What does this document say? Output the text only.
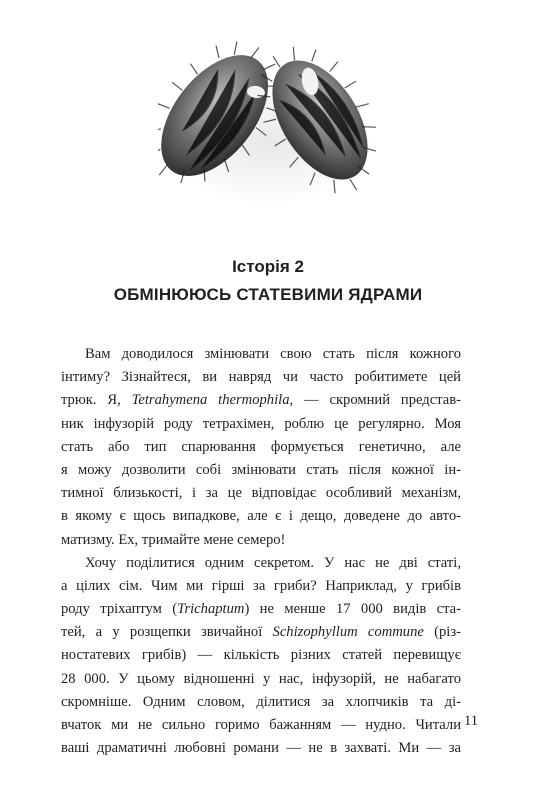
Історія 2
ОБМІНЮЮСЬ СТАТЕВИМИ ЯДРАМИ
Вам доводилося змінювати свою стать після кожного
інтиму? Зізнайтеся, ви навряд чи часто робитимете цей
трюк. Я, Tetrahymena thermophila, — скромний представ-
ник інфузорій роду тетрахімен, роблю це регулярно. Моя
стать або тип спарювання формується генетично, але
я можу дозволити собі змінювати стать після кожної ін-
тимної близькості, і за це відповідає особливий механізм,
в якому є щось випадкове, але є і дещо, доведене до авто-
матизму. Ех, тримайте мене семеро!
Хочу поділитися одним секретом. У нас не дві статі,
а цілих сім. Чим ми гірші за гриби? Наприклад, у грибів
роду тріхаптум (Trichaptum) не менше 17 000 видів ста-
тей, а у розщепки звичайної Schizophyllum commune (різ-
ностатевих грибів) — кількість різних статей перевищує
28 000. У цьому відношенні у нас, інфузорій, не набагато
скромніше. Одним словом, ділитися за хлопчиків та ді-
вчаток ми не сильно горимо бажанням — нудно. Читали
ваші драматичні любовні романи — не в захваті. Ми — за
11
